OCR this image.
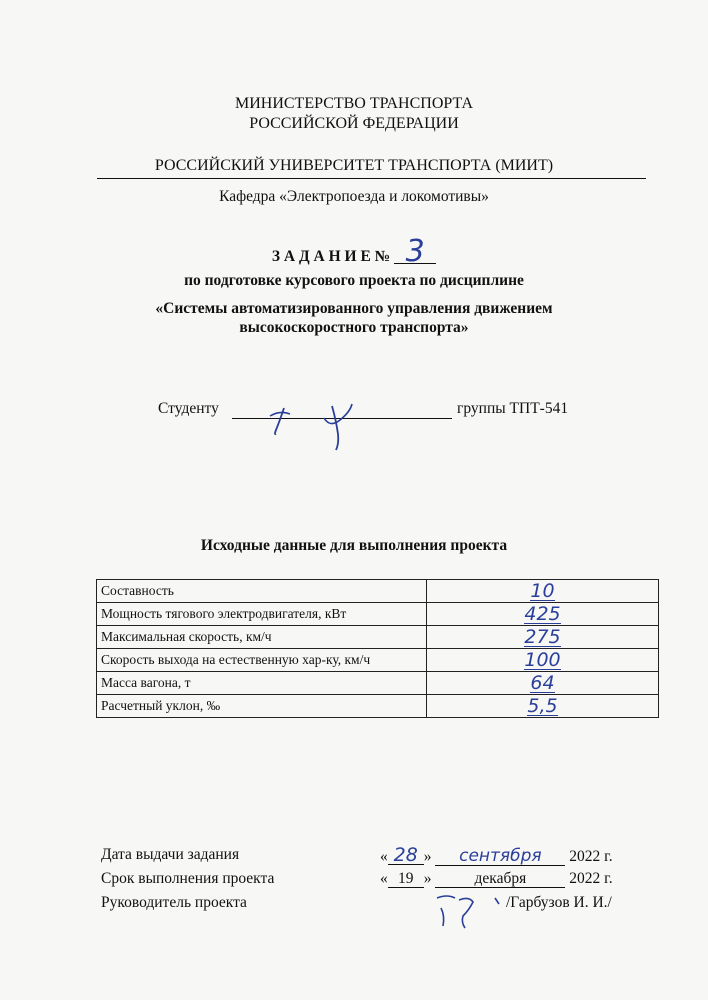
МИНИСТЕРСТВО ТРАНСПОРТА
РОССИЙСКОЙ ФЕДЕРАЦИИ
РОССИЙСКИЙ УНИВЕРСИТЕТ ТРАНСПОРТА (МИИТ)
Кафедра «Электропоезда и локомотивы»
З А Д А Н И Е № 3
по подготовке курсового проекта по дисциплине
«Системы автоматизированного управления движением
высокоскоростного транспорта»
Студенту	группы ТПТ-541
Исходные данные для выполнения проекта
Составность	10
Мощность тягового электродвигателя, кВт	425
Максимальная скорость, км/ч	275
Скорость выхода на естественную хар-ку, км/ч	100
Масса вагона, т	64
Расчетный уклон, ‰	5,5
Дата выдачи задания	« 28 » сентября 2022 г.
Срок выполнения проекта	« 19 »	декабря	2022 г.
Руководитель проекта	/Гарбузов И. И./
